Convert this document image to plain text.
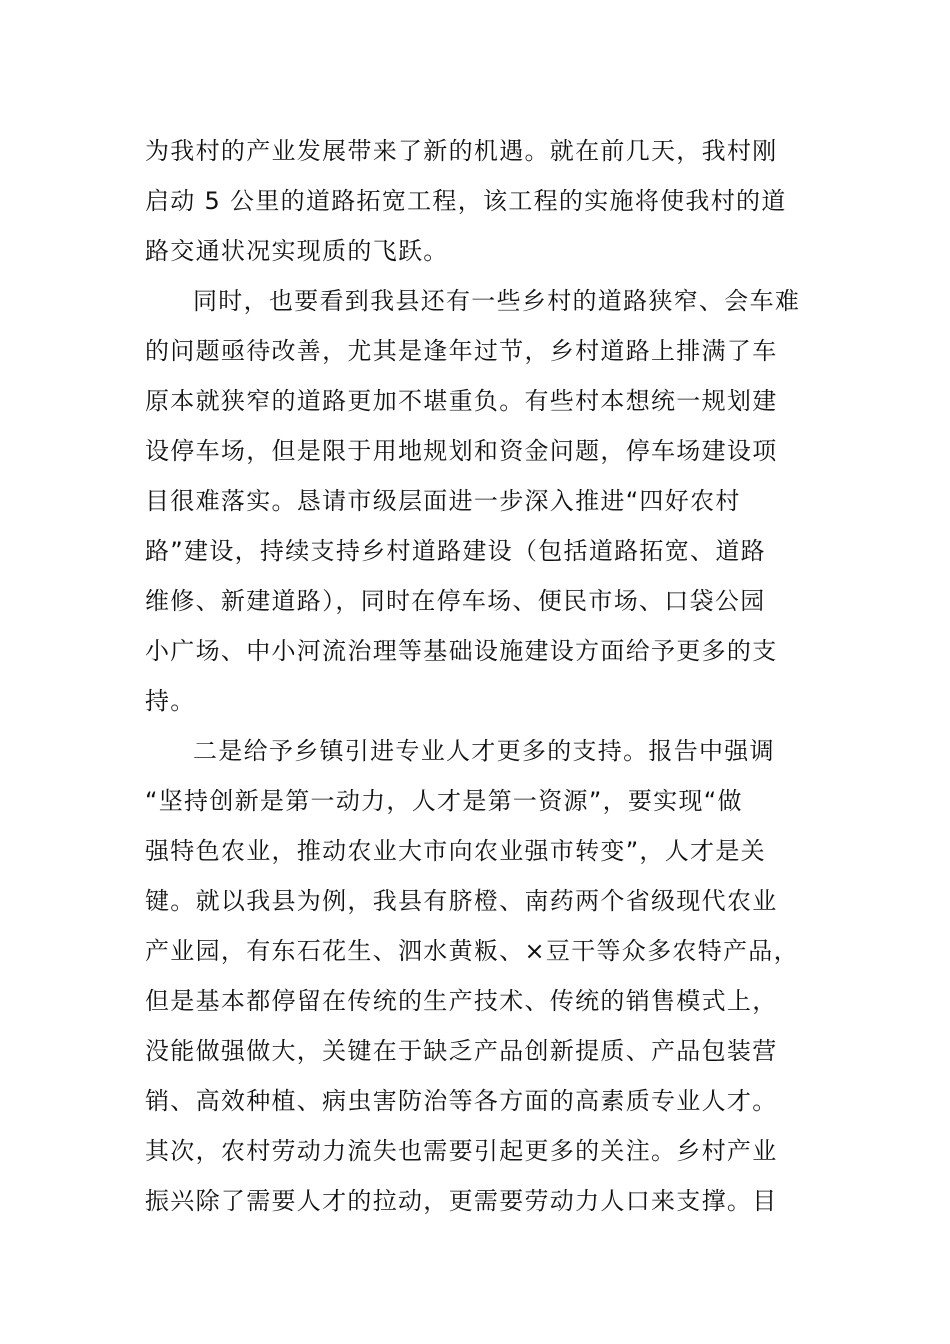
为我村的产业发展带来了新的机遇。就在前几天，我村刚
启动 5 公里的道路拓宽工程，该工程的实施将使我村的道
路交通状况实现质的飞跃。
同时，也要看到我县还有一些乡村的道路狭窄、会车难
的问题亟待改善，尤其是逢年过节，乡村道路上排满了车
原本就狭窄的道路更加不堪重负。有些村本想统一规划建
设停车场，但是限于用地规划和资金问题，停车场建设项
目很难落实。恳请市级层面进一步深入推进“四好农村
路”建设，持续支持乡村道路建设（包括道路拓宽、道路
维修、新建道路），同时在停车场、便民市场、口袋公园
小广场、中小河流治理等基础设施建设方面给予更多的支
持。
二是给予乡镇引进专业人才更多的支持。报告中强调
“坚持创新是第一动力，人才是第一资源”，要实现“做
强特色农业，推动农业大市向农业强市转变”，人才是关
键。就以我县为例，我县有脐橙、南药两个省级现代农业
产业园，有东石花生、泗水黄粄、×豆干等众多农特产品，
但是基本都停留在传统的生产技术、传统的销售模式上，
没能做强做大，关键在于缺乏产品创新提质、产品包装营
销、高效种植、病虫害防治等各方面的高素质专业人才。
其次，农村劳动力流失也需要引起更多的关注。乡村产业
振兴除了需要人才的拉动，更需要劳动力人口来支撑。目
